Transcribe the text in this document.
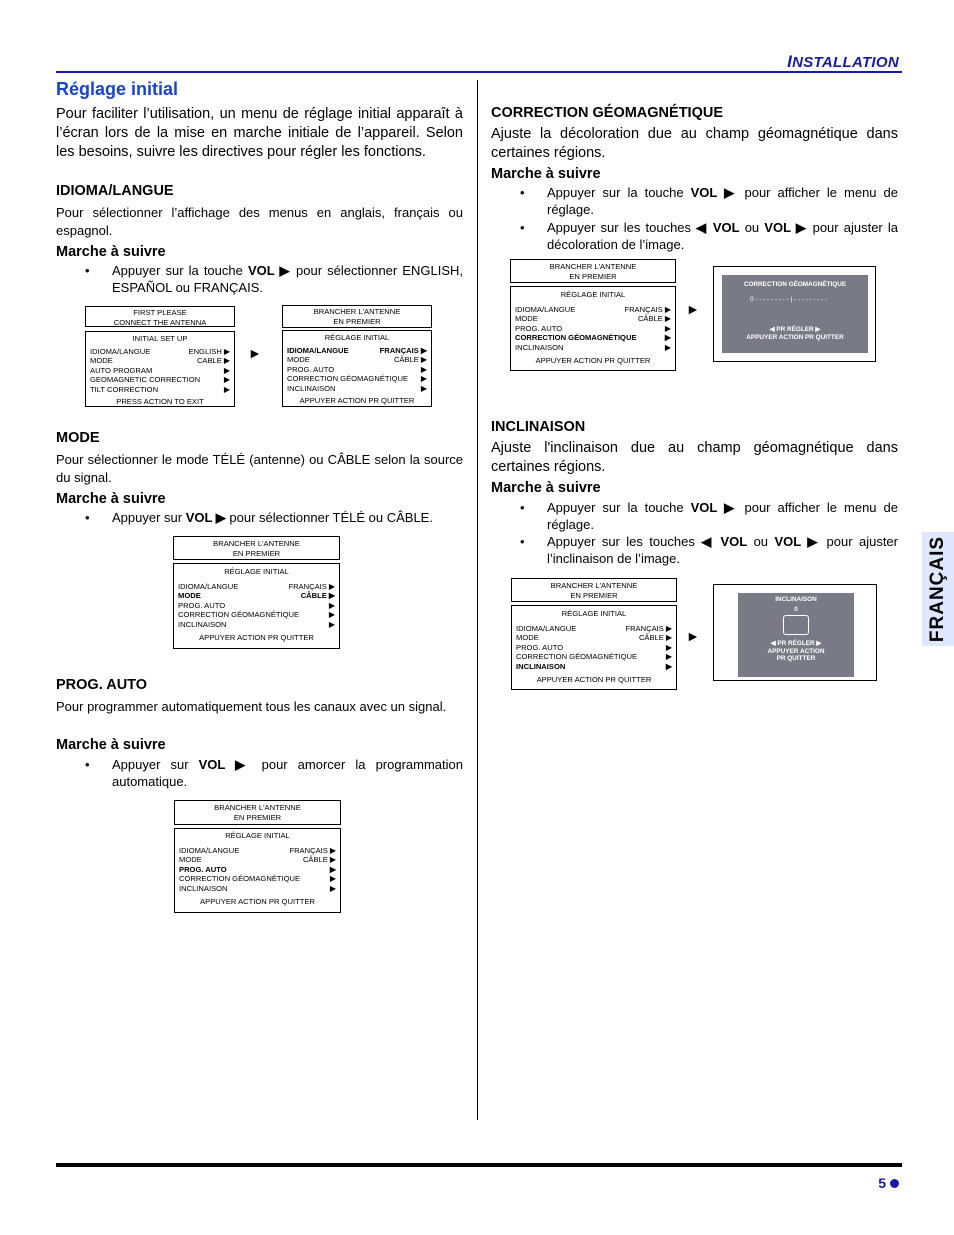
INSTALLATION
FRANÇAIS
Réglage initial
Pour faciliter l’utilisation, un menu de réglage initial apparaît à l’écran lors de la mise en marche initiale de l’appareil. Selon les besoins, suivre les directives pour régler les fonctions.
IDIOMA/LANGUE
Pour sélectionner l’affichage des menus en anglais, français ou espagnol.
Marche à suivre
• Appuyer sur la touche VOL ▶ pour sélectionner ENGLISH, ESPAÑOL ou FRANÇAIS.
FIRST PLEASE
CONNECT THE ANTENNA
INITIAL SET UP
IDIOMA/LANGUE	ENGLISH ▶
MODE	CABLE ▶
AUTO PROGRAM	▶
GEOMAGNETIC CORRECTION	▶
TILT CORRECTION	▶
PRESS ACTION TO EXIT
►
BRANCHER L'ANTENNE
EN PREMIER
RÉGLAGE INITIAL
IDIOMA/LANGUE	FRANÇAIS ▶
MODE	CÂBLE ▶
PROG. AUTO	▶
CORRECTION GÉOMAGNÉTIQUE ▶
INCLINAISON	▶
APPUYER ACTION PR QUITTER
MODE
Pour sélectionner le mode TÉLÉ (antenne) ou CÂBLE selon la source du signal.
Marche à suivre
• Appuyer sur VOL ▶ pour sélectionner TÉLÉ ou CÂBLE.
BRANCHER L'ANTENNE
EN PREMIER
RÉGLAGE INITIAL
IDIOMA/LANGUE	FRANÇAIS ▶
MODE	CÂBLE ▶
PROG. AUTO	▶
CORRECTION GÉOMAGNÉTIQUE	▶
INCLINAISON	▶
APPUYER ACTION PR QUITTER
PROG. AUTO
Pour programmer automatiquement tous les canaux avec un signal.
Marche à suivre
• Appuyer sur VOL ▶ pour amorcer la programmation automatique.
BRANCHER L'ANTENNE
EN PREMIER
RÉGLAGE INITIAL
IDIOMA/LANGUE	FRANÇAIS ▶
MODE	CÂBLE ▶
PROG. AUTO	▶
CORRECTION GÉOMAGNÉTIQUE	▶
INCLINAISON	▶
APPUYER ACTION PR QUITTER
CORRECTION GÉOMAGNÉTIQUE
Ajuste la décoloration due au champ géomagnétique dans certaines régions.
Marche à suivre
• Appuyer sur la touche VOL ▶ pour afficher le menu de réglage.
• Appuyer sur les touches ◀ VOL ou VOL ▶ pour ajuster la décoloration de l’image.
BRANCHER L'ANTENNE
EN PREMIER
RÉGLAGE INITIAL
IDIOMA/LANGUE	FRANÇAIS ▶
MODE	CÂBLE ▶
PROG. AUTO	▶
CORRECTION GÉOMAGNÉTIQUE	▶
INCLINAISON	▶
APPUYER ACTION PR QUITTER
►
CORRECTION GÉOMAGNÉTIQUE
0 - - - - - - - - - | - - - - - - - - -
◀ PR RÉGLER ▶
APPUYER ACTION PR QUITTER
INCLINAISON
Ajuste l'inclinaison due au champ géomagnétique dans certaines régions.
Marche à suivre
• Appuyer sur la touche VOL ▶ pour afficher le menu de réglage.
• Appuyer sur les touches ◀ VOL ou VOL ▶ pour ajuster l’inclinaison de l’image.
BRANCHER L'ANTENNE
EN PREMIER
RÉGLAGE INITIAL
IDIOMA/LANGUE	FRANÇAIS ▶
MODE	CÂBLE ▶
PROG. AUTO	▶
CORRECTION GÉOMAGNÉTIQUE	▶
INCLINAISON	▶
APPUYER ACTION PR QUITTER
►
INCLINAISON
0
◀ PR RÉGLER ▶
APPUYER ACTION
PR QUITTER
5
